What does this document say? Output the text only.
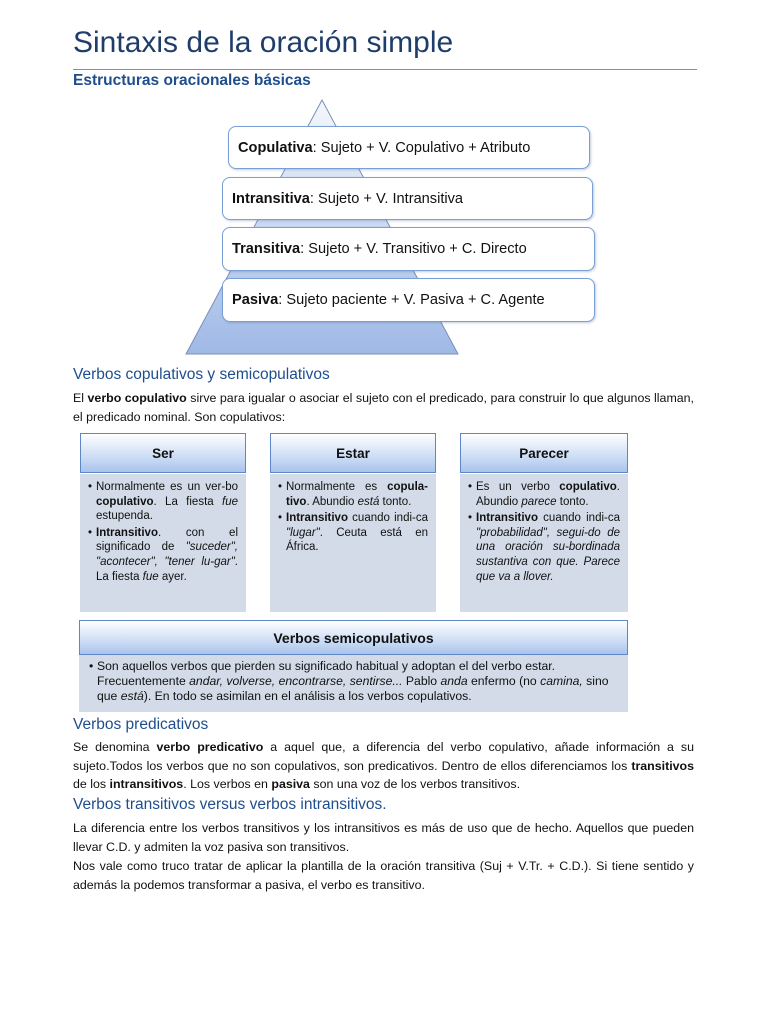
Sintaxis de la oración simple
Estructuras oracionales básicas
Copulativa : Sujeto + V. Copulativo + Atributo
Intransitiva : Sujeto + V. Intransitiva
Transitiva : Sujeto + V. Transitivo + C. Directo
Pasiva : Sujeto paciente + V. Pasiva + C. Agente
Verbos copulativos y semicopulativos
El verbo copulativo sirve para igualar o asociar el sujeto con el predicado, para construir lo que algunos llaman, el predicado nominal. Son copulativos:
Ser
• Normalmente es un ver-bo copulativo. La fiesta fue estupenda.
• Intransitivo. con el significado de "suceder", "acontecer", "tener lu-gar". La fiesta fue ayer.
Estar
• Normalmente es copula-tivo. Abundio está tonto.
• Intransitivo cuando indi-ca "lugar". Ceuta está en África.
Parecer
• Es un verbo copulativo. Abundio parece tonto.
• Intransitivo cuando indi-ca "probabilidad", segui-do de una oración su-bordinada sustantiva con que. Parece que va a llover.
Verbos semicopulativos
• Son aquellos verbos que pierden su significado habitual y adoptan el del verbo estar. Frecuentemente andar, volverse, encontrarse, sentirse... Pablo anda enfermo (no camina, sino que está). En todo se asimilan en el análisis a los verbos copulativos.
Verbos predicativos
Se denomina verbo predicativo a aquel que, a diferencia del verbo copulativo, añade información a su sujeto.Todos los verbos que no son copulativos, son predicativos. Dentro de ellos diferenciamos los transitivos de los intransitivos. Los verbos en pasiva son una voz de los verbos transitivos.
Verbos transitivos versus verbos intransitivos.
La diferencia entre los verbos transitivos y los intransitivos es más de uso que de hecho. Aquellos que pueden llevar C.D. y admiten la voz pasiva son transitivos.
Nos vale como truco tratar de aplicar la plantilla de la oración transitiva (Suj + V.Tr. + C.D.). Si tiene sentido y además la podemos transformar a pasiva, el verbo es transitivo.
